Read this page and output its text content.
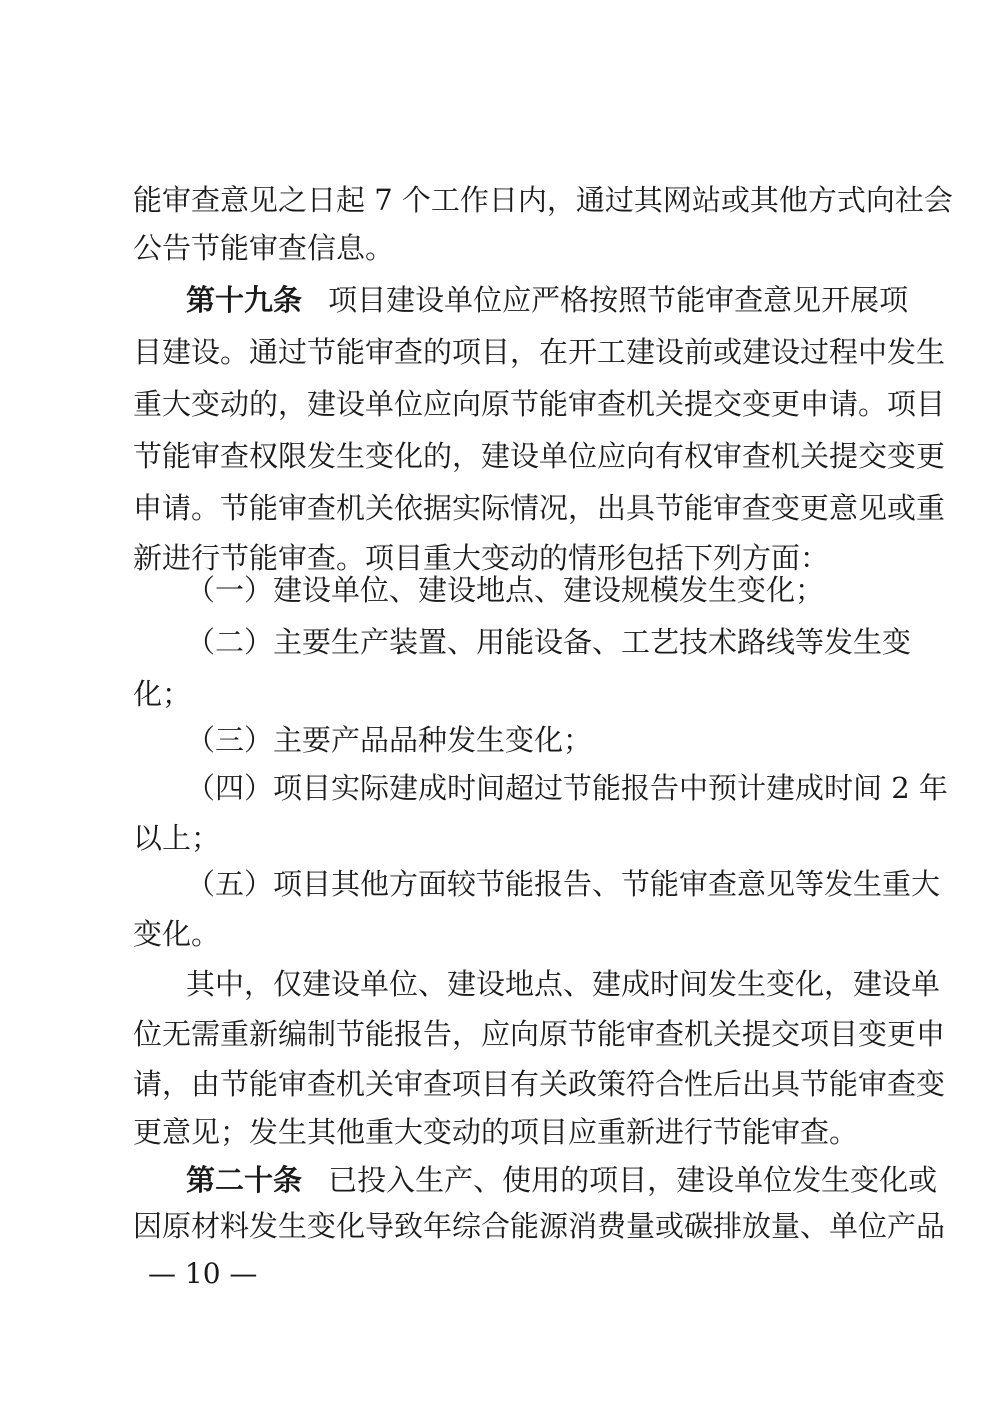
能审查意见之日起 7 个工作日内，通过其网站或其他方式向社会
公告节能审查信息。
第十九条 项目建设单位应严格按照节能审查意见开展项
目建设。通过节能审查的项目，在开工建设前或建设过程中发生
重大变动的，建设单位应向原节能审查机关提交变更申请。项目
节能审查权限发生变化的，建设单位应向有权审查机关提交变更
申请。节能审查机关依据实际情况，出具节能审查变更意见或重
新进行节能审查。项目重大变动的情形包括下列方面：
（一）建设单位、建设地点、建设规模发生变化；
（二）主要生产装置、用能设备、工艺技术路线等发生变
化；
（三）主要产品品种发生变化；
（四）项目实际建成时间超过节能报告中预计建成时间 2 年
以上；
（五）项目其他方面较节能报告、节能审查意见等发生重大
变化。
其中，仅建设单位、建设地点、建成时间发生变化，建设单
位无需重新编制节能报告，应向原节能审查机关提交项目变更申
请，由节能审查机关审查项目有关政策符合性后出具节能审查变
更意见；发生其他重大变动的项目应重新进行节能审查。
第二十条 已投入生产、使用的项目，建设单位发生变化或
因原材料发生变化导致年综合能源消费量或碳排放量、单位产品
— 10 —
